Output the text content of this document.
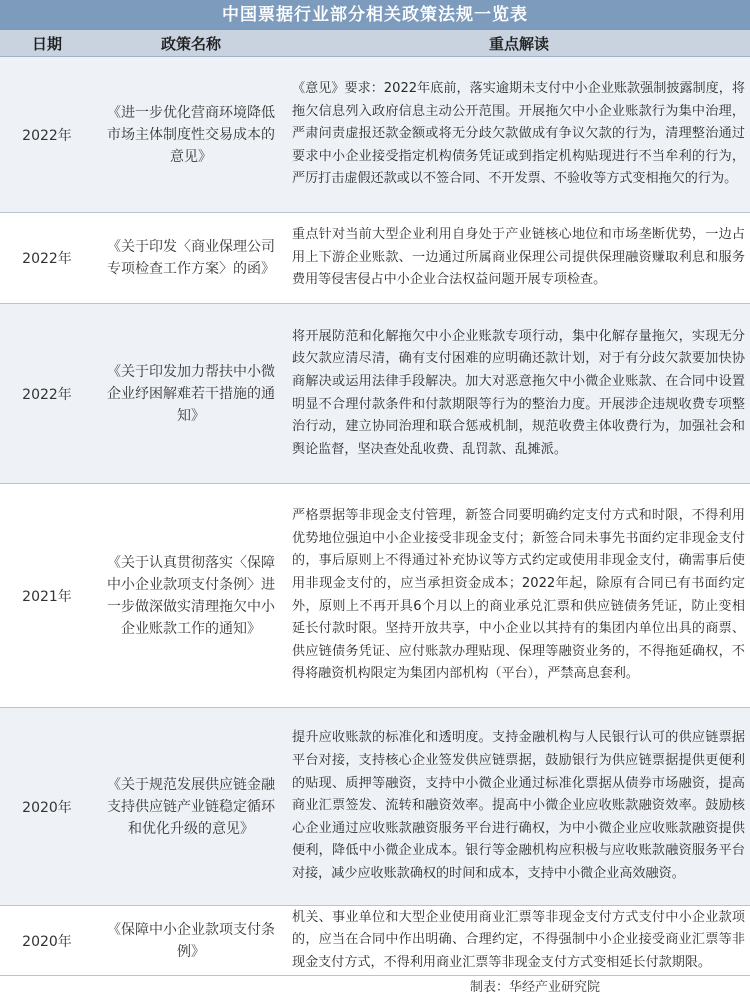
中国票据行业部分相关政策法规一览表
日期	政策名称	重点解读
2022年	《进一步优化营商环境降低市场主体制度性交易成本的意见》	《意见》要求：2022年底前，落实逾期未支付中小企业账款强制披露制度，将拖欠信息列入政府信息主动公开范围。开展拖欠中小企业账款行为集中治理，严肃问责虚报还款金额或将无分歧欠款做成有争议欠款的行为，清理整治通过要求中小企业接受指定机构债务凭证或到指定机构贴现进行不当牟利的行为，严厉打击虚假还款或以不签合同、不开发票、不验收等方式变相拖欠的行为。
2022年	《关于印发〈商业保理公司专项检查工作方案〉的函》	重点针对当前大型企业利用自身处于产业链核心地位和市场垄断优势，一边占用上下游企业账款、一边通过所属商业保理公司提供保理融资赚取利息和服务费用等侵害侵占中小企业合法权益问题开展专项检查。
2022年	《关于印发加力帮扶中小微企业纾困解难若干措施的通知》	将开展防范和化解拖欠中小企业账款专项行动，集中化解存量拖欠，实现无分歧欠款应清尽清，确有支付困难的应明确还款计划，对于有分歧欠款要加快协商解决或运用法律手段解决。加大对恶意拖欠中小微企业账款、在合同中设置明显不合理付款条件和付款期限等行为的整治力度。开展涉企违规收费专项整治行动，建立协同治理和联合惩戒机制，规范收费主体收费行为，加强社会和舆论监督，坚决查处乱收费、乱罚款、乱摊派。
2021年	《关于认真贯彻落实〈保障中小企业款项支付条例〉进一步做深做实清理拖欠中小企业账款工作的通知》	严格票据等非现金支付管理，新签合同要明确约定支付方式和时限，不得利用优势地位强迫中小企业接受非现金支付；新签合同未事先书面约定非现金支付的，事后原则上不得通过补充协议等方式约定或使用非现金支付，确需事后使用非现金支付的，应当承担资金成本；2022年起，除原有合同已有书面约定外，原则上不再开具6个月以上的商业承兑汇票和供应链债务凭证，防止变相延长付款时限。坚持开放共享，中小企业以其持有的集团内单位出具的商票、供应链债务凭证、应付账款办理贴现、保理等融资业务的，不得拖延确权，不得将融资机构限定为集团内部机构（平台），严禁高息套利。
2020年	《关于规范发展供应链金融支持供应链产业链稳定循环和优化升级的意见》	提升应收账款的标准化和透明度。支持金融机构与人民银行认可的供应链票据平台对接，支持核心企业签发供应链票据，鼓励银行为供应链票据提供更便利的贴现、质押等融资，支持中小微企业通过标准化票据从债券市场融资，提高商业汇票签发、流转和融资效率。提高中小微企业应收账款融资效率。鼓励核心企业通过应收账款融资服务平台进行确权，为中小微企业应收账款融资提供便利，降低中小微企业成本。银行等金融机构应积极与应收账款融资服务平台对接，减少应收账款确权的时间和成本，支持中小微企业高效融资。
2020年	《保障中小企业款项支付条例》	机关、事业单位和大型企业使用商业汇票等非现金支付方式支付中小企业款项的，应当在合同中作出明确、合理约定，不得强制中小企业接受商业汇票等非现金支付方式，不得利用商业汇票等非现金支付方式变相延长付款期限。
制表：华经产业研究院
